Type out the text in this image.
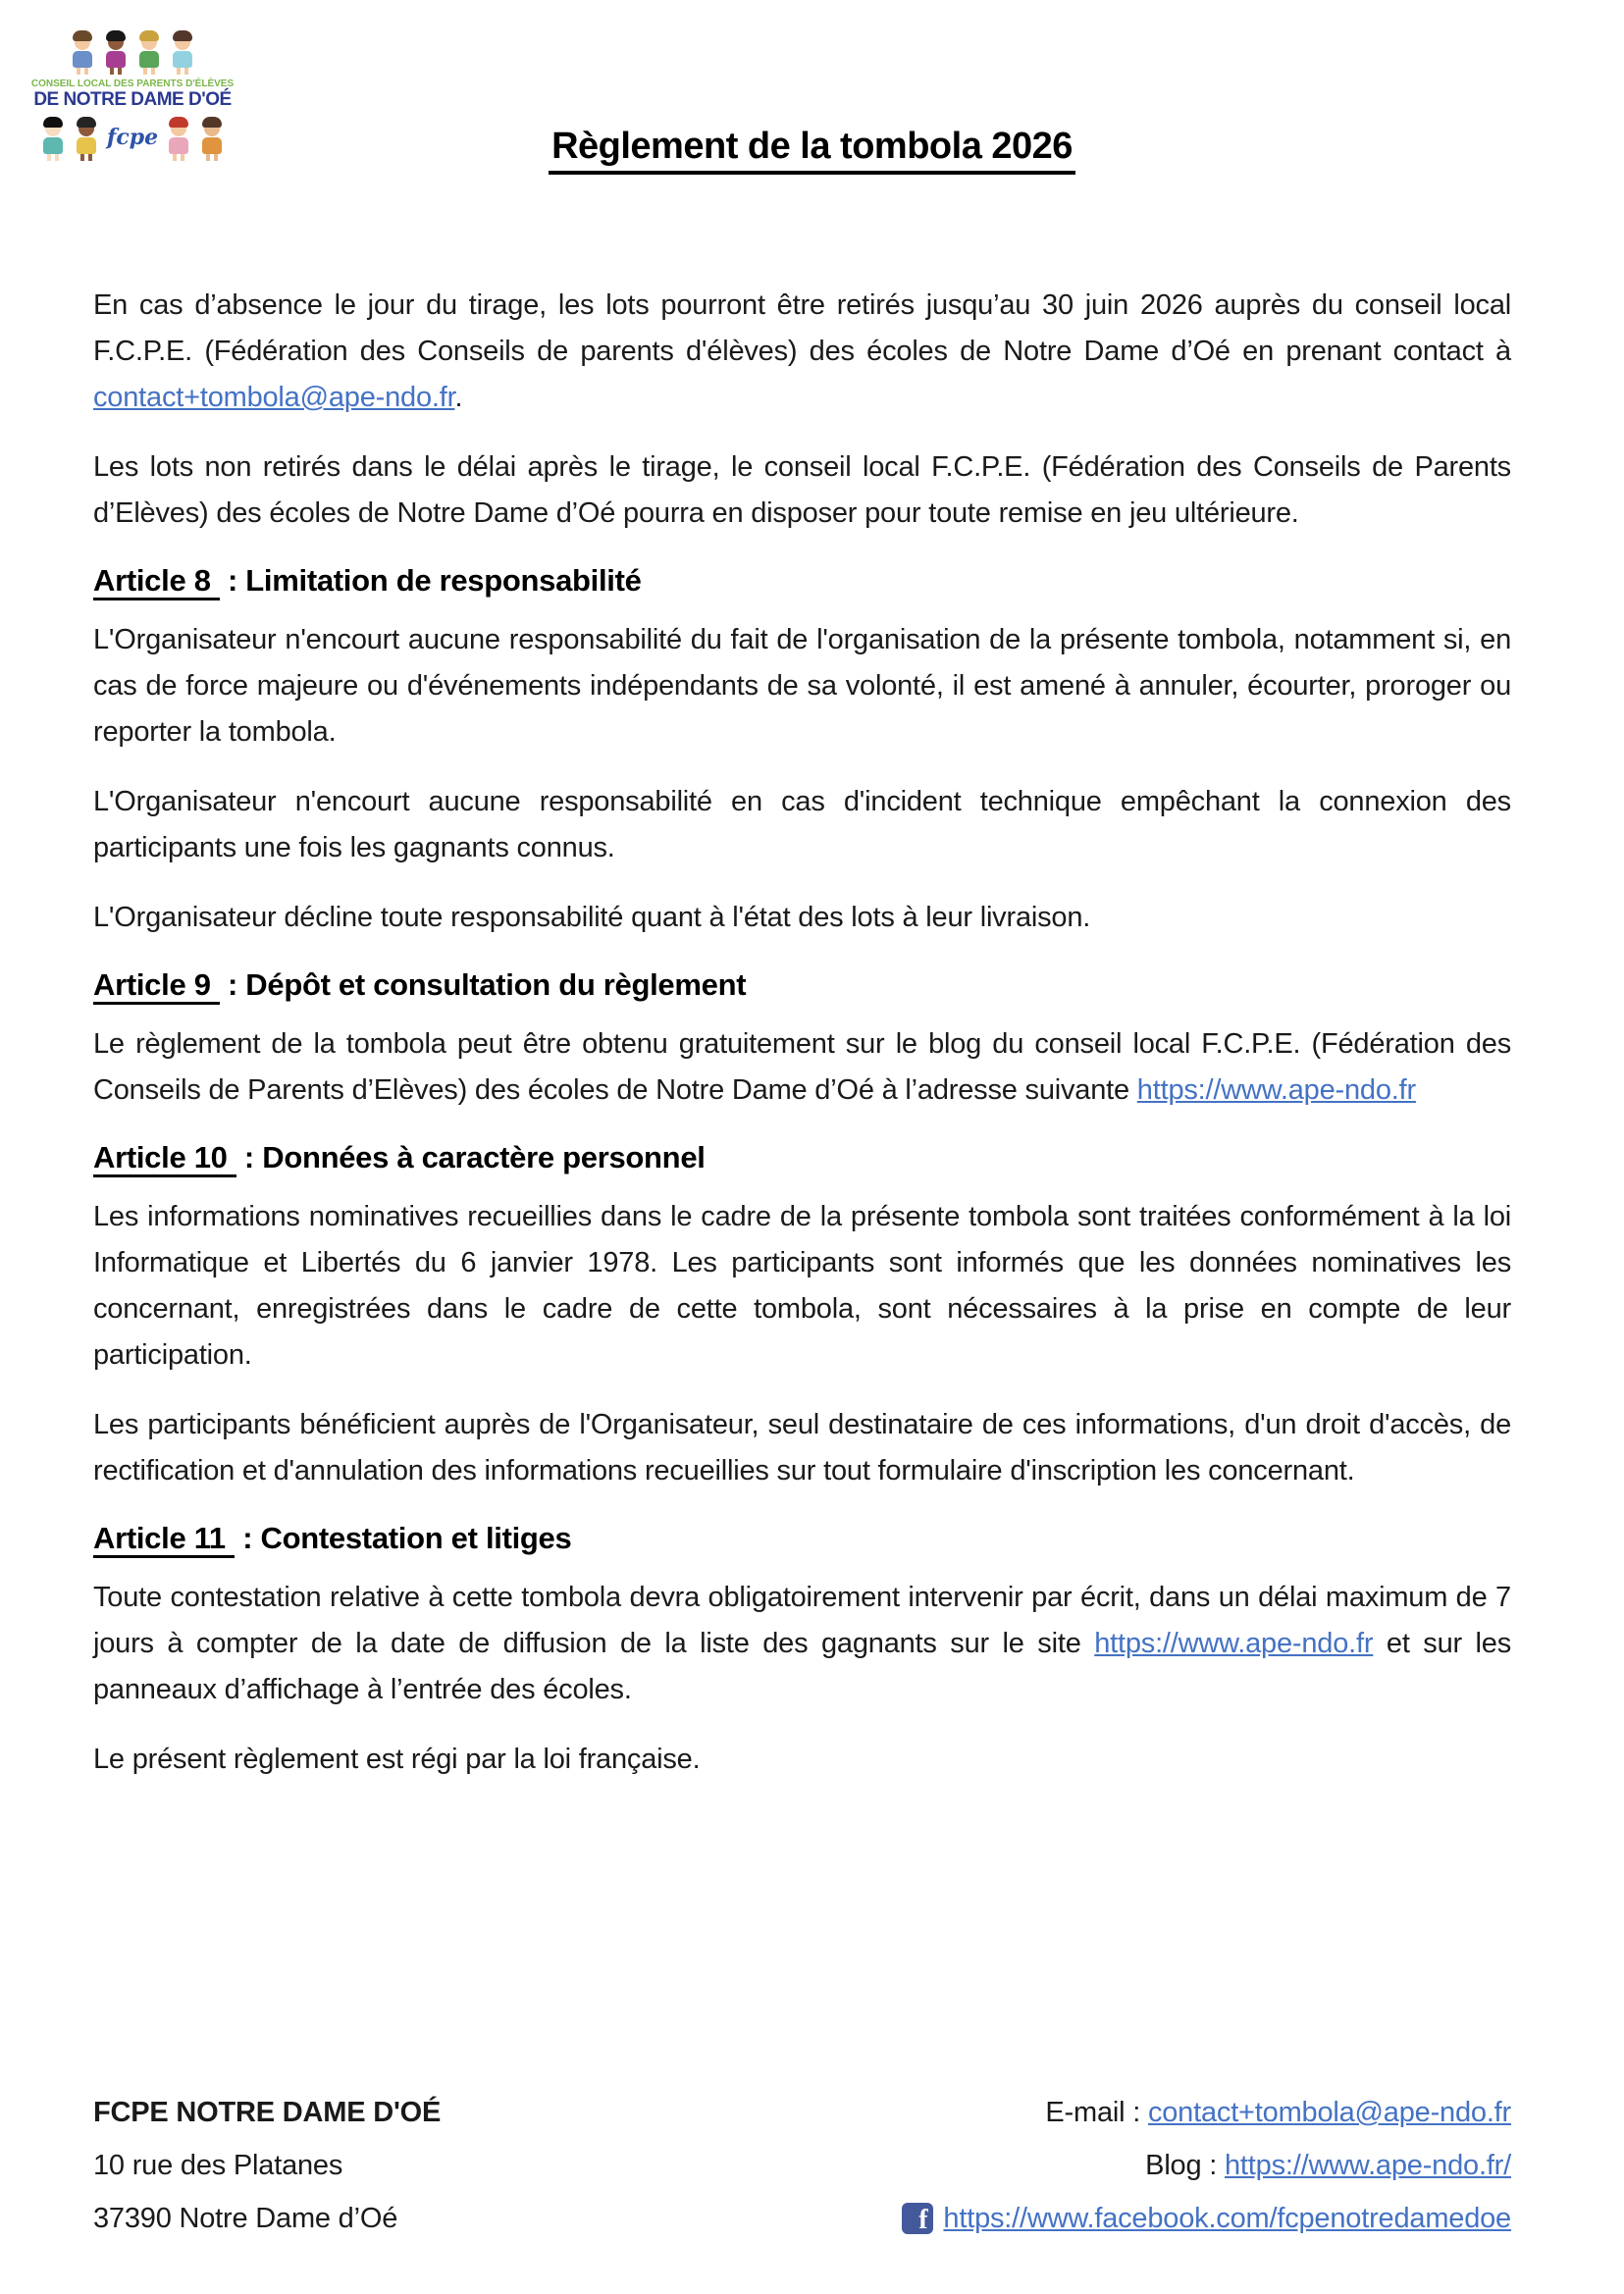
CONSEIL LOCAL DES PARENTS D'ÉLÈVES
DE NOTRE DAME D'OÉ
fcpe	Règlement de la tombola 2026

En cas d’absence le jour du tirage, les lots pourront être retirés jusqu’au 30 juin 2026 auprès du conseil local F.C.P.E. (Fédération des Conseils de parents d'élèves) des écoles de Notre Dame d’Oé en prenant contact à contact+tombola@ape-ndo.fr.

Les lots non retirés dans le délai après le tirage, le conseil local F.C.P.E. (Fédération des Conseils de Parents d’Elèves) des écoles de Notre Dame d’Oé pourra en disposer pour toute remise en jeu ultérieure.

Article 8 : Limitation de responsabilité

L'Organisateur n'encourt aucune responsabilité du fait de l'organisation de la présente tombola, notamment si, en cas de force majeure ou d'événements indépendants de sa volonté, il est amené à annuler, écourter, proroger ou reporter la tombola.

L'Organisateur n'encourt aucune responsabilité en cas d'incident technique empêchant la connexion des participants une fois les gagnants connus.

L'Organisateur décline toute responsabilité quant à l'état des lots à leur livraison.

Article 9 : Dépôt et consultation du règlement

Le règlement de la tombola peut être obtenu gratuitement sur le blog du conseil local F.C.P.E. (Fédération des Conseils de Parents d’Elèves) des écoles de Notre Dame d’Oé à l’adresse suivante https://www.ape-ndo.fr

Article 10 : Données à caractère personnel

Les informations nominatives recueillies dans le cadre de la présente tombola sont traitées conformément à la loi Informatique et Libertés du 6 janvier 1978. Les participants sont informés que les données nominatives les concernant, enregistrées dans le cadre de cette tombola, sont nécessaires à la prise en compte de leur participation.

Les participants bénéficient auprès de l'Organisateur, seul destinataire de ces informations, d'un droit d'accès, de rectification et d'annulation des informations recueillies sur tout formulaire d'inscription les concernant.

Article 11 : Contestation et litiges

Toute contestation relative à cette tombola devra obligatoirement intervenir par écrit, dans un délai maximum de 7 jours à compter de la date de diffusion de la liste des gagnants sur le site https://www.ape-ndo.fr et sur les panneaux d’affichage à l’entrée des écoles.

Le présent règlement est régi par la loi française.

FCPE NOTRE DAME D'OÉ
10 rue des Platanes
37390 Notre Dame d’Oé
E-mail : contact+tombola@ape-ndo.fr
Blog : https://www.ape-ndo.fr/
f
https://www.facebook.com/fcpenotredamedoe
